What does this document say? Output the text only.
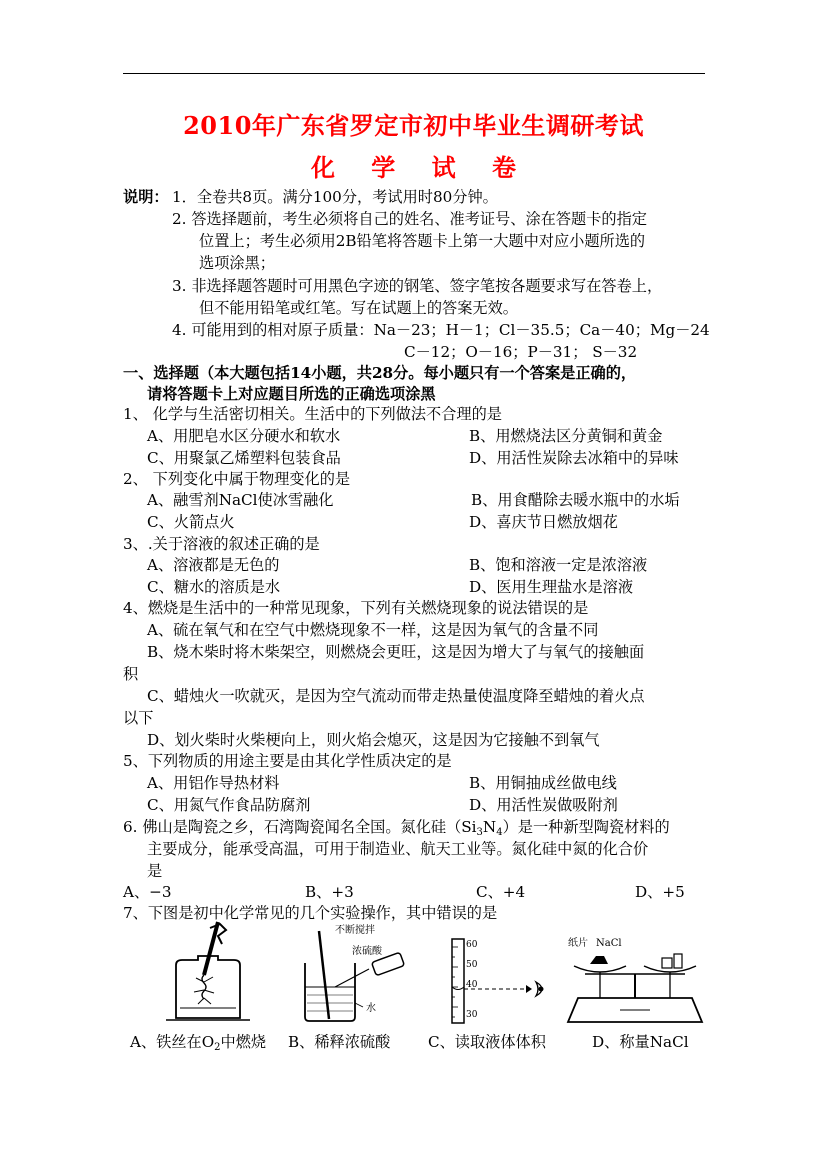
2010年广东省罗定市初中毕业生调研考试
化 学 试 卷
说明： 1．全卷共8页。满分100分，考试用时80分钟。
2. 答选择题前，考生必须将自己的姓名、准考证号、涂在答题卡的指定
位置上；考生必须用2B铅笔将答题卡上第一大题中对应小题所选的
选项涂黑；
3. 非选择题答题时可用黑色字迹的钢笔、签字笔按各题要求写在答卷上，
但不能用铅笔或红笔。写在试题上的答案无效。
4. 可能用到的相对原子质量：Na－23；H－1；Cl－35.5；Ca－40；Mg－24
C－12；O－16；P－31； S－32
一、选择题（本大题包括14小题，共28分。每小题只有一个答案是正确的，
请将答题卡上对应题目所选的正确选项涂黑
1、 化学与生活密切相关。生活中的下列做法不合理的是
A、用肥皂水区分硬水和软水	B、用燃烧法区分黄铜和黄金
C、用聚氯乙烯塑料包装食品	D、用活性炭除去冰箱中的异味
2、 下列变化中属于物理变化的是
A、融雪剂NaCl使冰雪融化	B、用食醋除去暖水瓶中的水垢
C、火箭点火	D、喜庆节日燃放烟花
3、.关于溶液的叙述正确的是
A、溶液都是无色的	B、饱和溶液一定是浓溶液
C、糖水的溶质是水	D、医用生理盐水是溶液
4、燃烧是生活中的一种常见现象，下列有关燃烧现象的说法错误的是
A、硫在氧气和在空气中燃烧现象不一样，这是因为氧气的含量不同
B、烧木柴时将木柴架空，则燃烧会更旺，这是因为增大了与氧气的接触面
积
C、蜡烛火一吹就灭，是因为空气流动而带走热量使温度降至蜡烛的着火点
以下
D、划火柴时火柴梗向上，则火焰会熄灭，这是因为它接触不到氧气
5、下列物质的用途主要是由其化学性质决定的是
A、用铝作导热材料	B、用铜抽成丝做电线
C、用氮气作食品防腐剂	D、用活性炭做吸附剂
6. 佛山是陶瓷之乡，石湾陶瓷闻名全国。氮化硅$(Si_3N_4)$是一种新型陶瓷材料的
主要成分，能承受高温，可用于制造业、航天工业等。氮化硅中氮的化合价
是
A、−3	B、+3	C、+4	D、+5
7、下图是初中化学常见的几个实验操作，其中错误的是
不断搅拌
浓硫酸
水
60
50
40
30
纸片 NaCl
A、铁丝在$O_2$中燃烧 B、稀释浓硫酸 C、读取液体体积	D、称量NaCl
